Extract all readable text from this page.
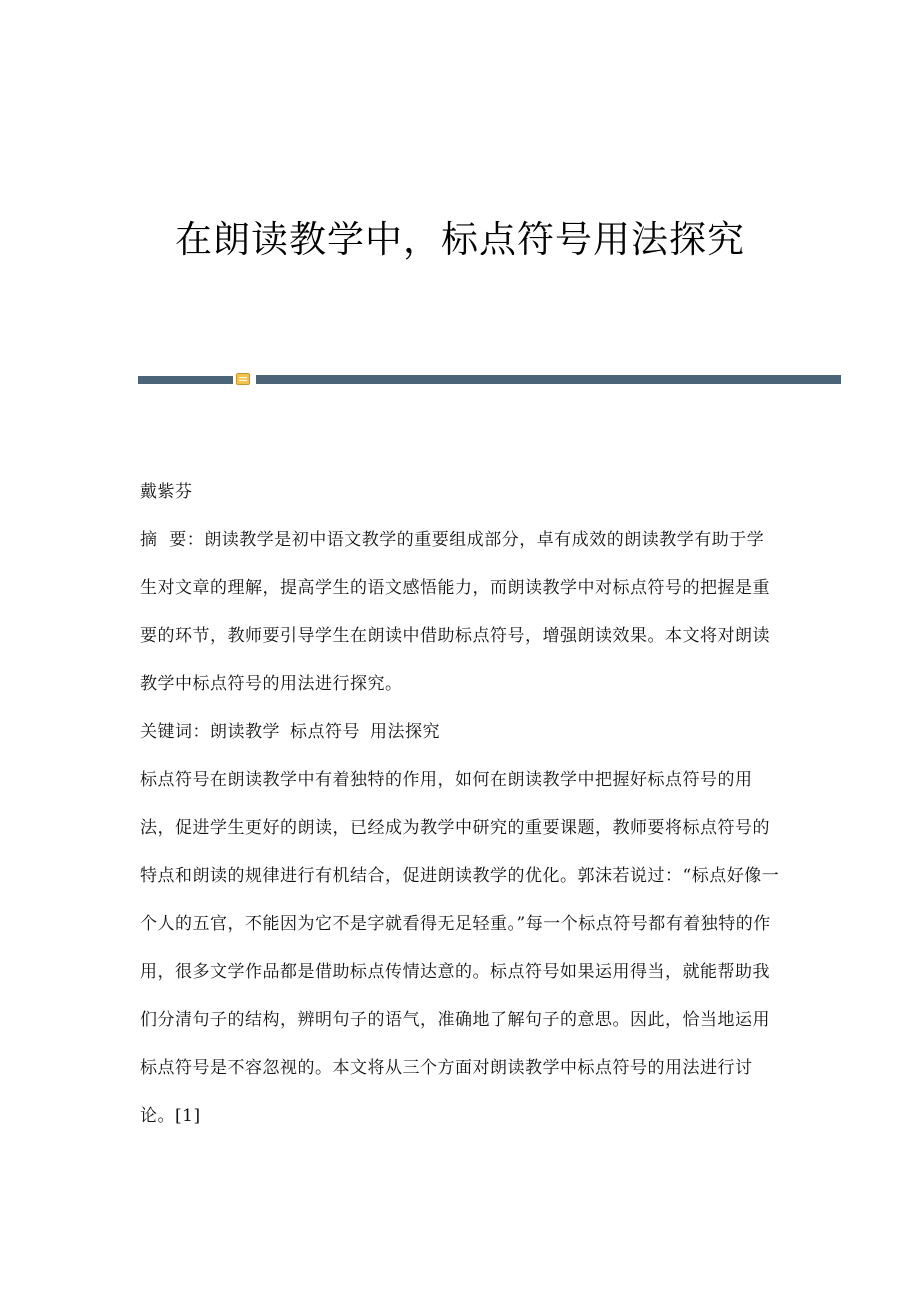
在朗读教学中，标点符号用法探究

戴紫芬

摘  要：朗读教学是初中语文教学的重要组成部分，卓有成效的朗读教学有助于学生对文章的理解，提高学生的语文感悟能力，而朗读教学中对标点符号的把握是重要的环节，教师要引导学生在朗读中借助标点符号，增强朗读效果。本文将对朗读教学中标点符号的用法进行探究。

关键词：朗读教学 标点符号 用法探究

标点符号在朗读教学中有着独特的作用，如何在朗读教学中把握好标点符号的用法，促进学生更好的朗读，已经成为教学中研究的重要课题，教师要将标点符号的特点和朗读的规律进行有机结合，促进朗读教学的优化。郭沫若说过：“标点好像一个人的五官，不能因为它不是字就看得无足轻重。”每一个标点符号都有着独特的作用，很多文学作品都是借助标点传情达意的。标点符号如果运用得当，就能帮助我们分清句子的结构，辨明句子的语气，准确地了解句子的意思。因此，恰当地运用标点符号是不容忽视的。本文将从三个方面对朗读教学中标点符号的用法进行讨论。[1]
